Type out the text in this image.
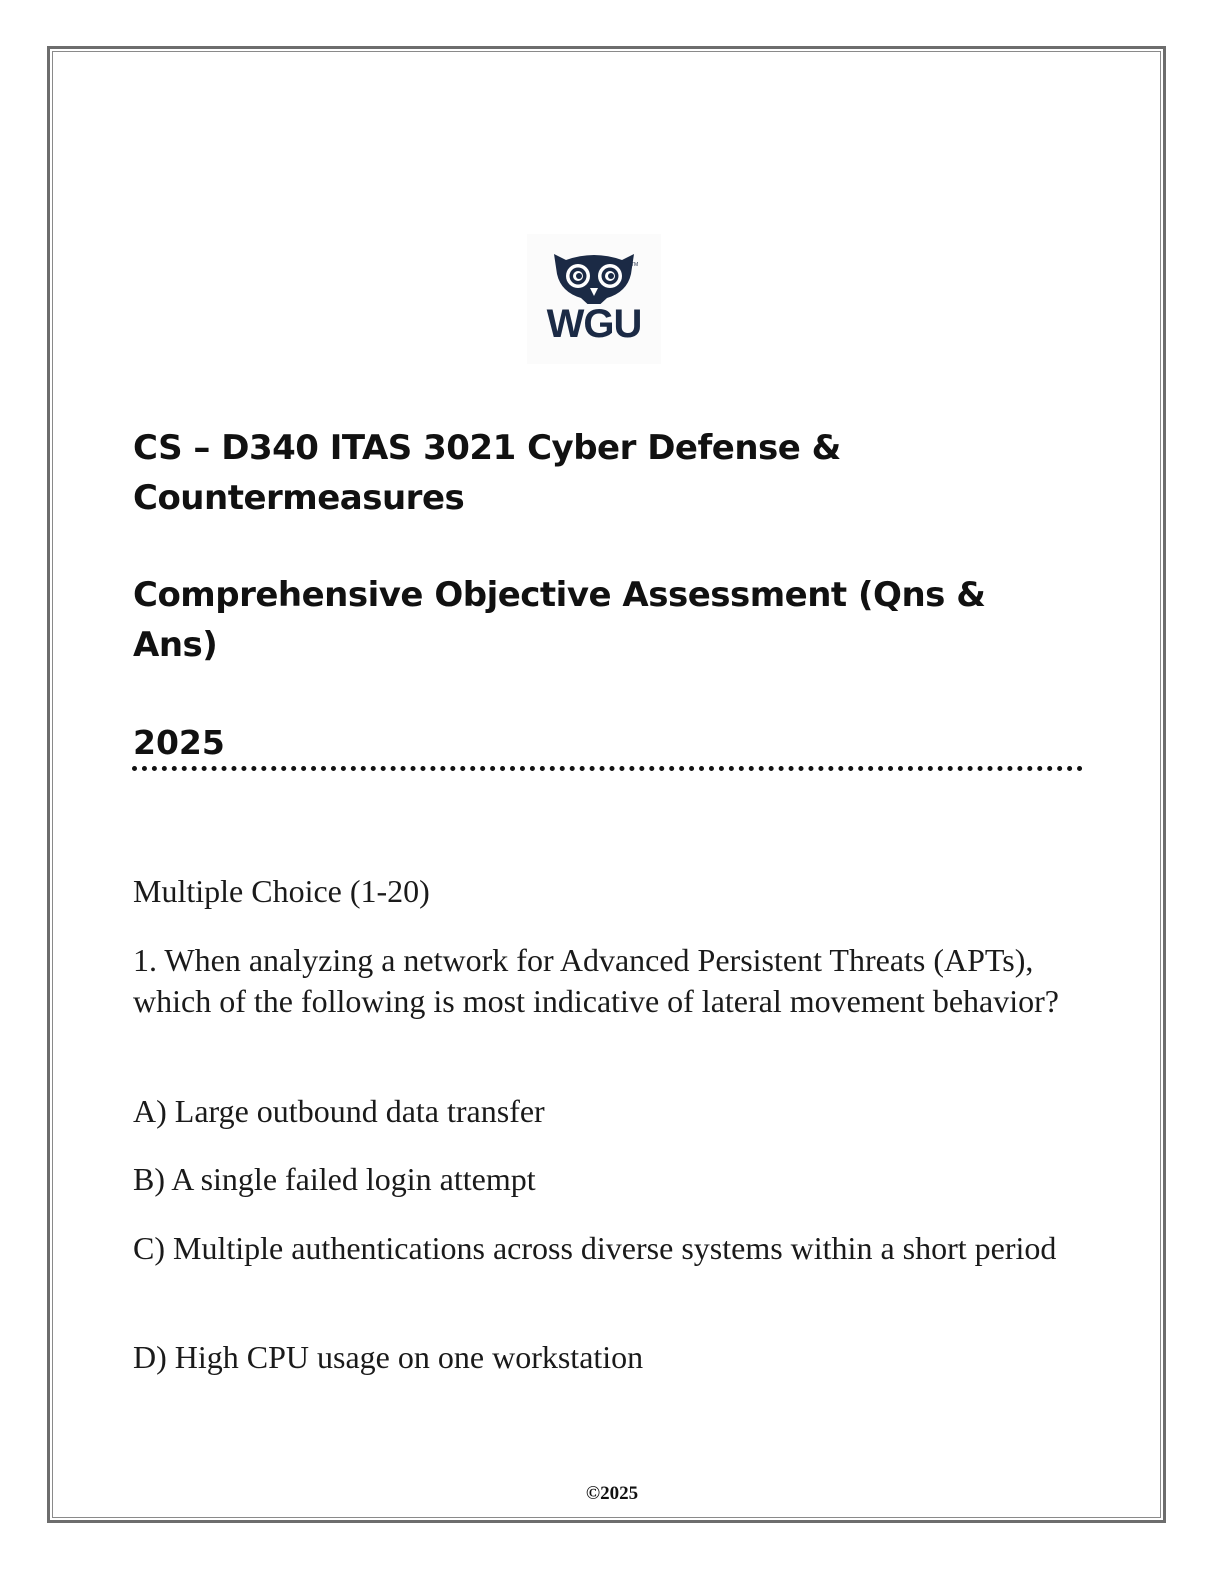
TM
WGU
CS – D340 ITAS 3021 Cyber Defense & Countermeasures
Comprehensive Objective Assessment (Qns & Ans)
2025
Multiple Choice (1-20)
1. When analyzing a network for Advanced Persistent Threats (APTs), which of the following is most indicative of lateral movement behavior?
A) Large outbound data transfer
B) A single failed login attempt
C) Multiple authentications across diverse systems within a short period
D) High CPU usage on one workstation
©2025
